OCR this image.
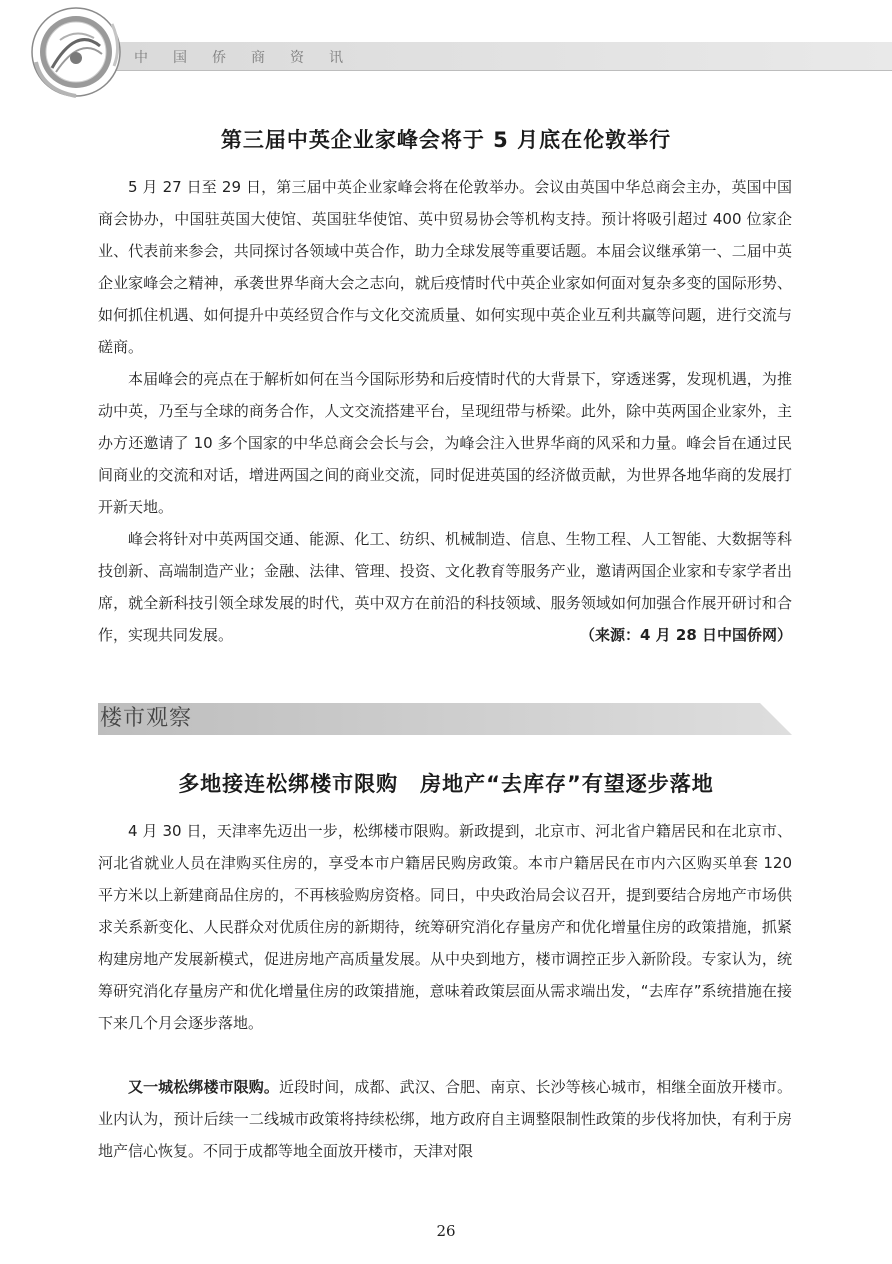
中国侨商资讯
第三届中英企业家峰会将于 5 月底在伦敦举行
5 月 27 日至 29 日，第三届中英企业家峰会将在伦敦举办。会议由英国中华总商会主办，英国中国商会协办，中国驻英国大使馆、英国驻华使馆、英中贸易协会等机构支持。预计将吸引超过 400 位家企业、代表前来参会，共同探讨各领域中英合作，助力全球发展等重要话题。本届会议继承第一、二届中英企业家峰会之精神，承袭世界华商大会之志向，就后疫情时代中英企业家如何面对复杂多变的国际形势、如何抓住机遇、如何提升中英经贸合作与文化交流质量、如何实现中英企业互利共赢等问题，进行交流与磋商。
本届峰会的亮点在于解析如何在当今国际形势和后疫情时代的大背景下，穿透迷雾，发现机遇，为推动中英，乃至与全球的商务合作，人文交流搭建平台，呈现纽带与桥梁。此外，除中英两国企业家外，主办方还邀请了 10 多个国家的中华总商会会长与会，为峰会注入世界华商的风采和力量。峰会旨在通过民间商业的交流和对话，增进两国之间的商业交流，同时促进英国的经济做贡献，为世界各地华商的发展打开新天地。
峰会将针对中英两国交通、能源、化工、纺织、机械制造、信息、生物工程、人工智能、大数据等科技创新、高端制造产业；金融、法律、管理、投资、文化教育等服务产业，邀请两国企业家和专家学者出席，就全新科技引领全球发展的时代，英中双方在前沿的科技领域、服务领域如何加强合作展开研讨和合作，实现共同发展。	（来源：4 月 28 日中国侨网）
楼市观察
多地接连松绑楼市限购　房地产“去库存”有望逐步落地
4 月 30 日，天津率先迈出一步，松绑楼市限购。新政提到，北京市、河北省户籍居民和在北京市、河北省就业人员在津购买住房的，享受本市户籍居民购房政策。本市户籍居民在市内六区购买单套 120 平方米以上新建商品住房的，不再核验购房资格。同日，中央政治局会议召开，提到要结合房地产市场供求关系新变化、人民群众对优质住房的新期待，统筹研究消化存量房产和优化增量住房的政策措施，抓紧构建房地产发展新模式，促进房地产高质量发展。从中央到地方，楼市调控正步入新阶段。专家认为，统筹研究消化存量房产和优化增量住房的政策措施，意味着政策层面从需求端出发，“去库存”系统措施在接下来几个月会逐步落地。
又一城松绑楼市限购。近段时间，成都、武汉、合肥、南京、长沙等核心城市，相继全面放开楼市。业内认为，预计后续一二线城市政策将持续松绑，地方政府自主调整限制性政策的步伐将加快，有利于房地产信心恢复。不同于成都等地全面放开楼市，天津对限
26
